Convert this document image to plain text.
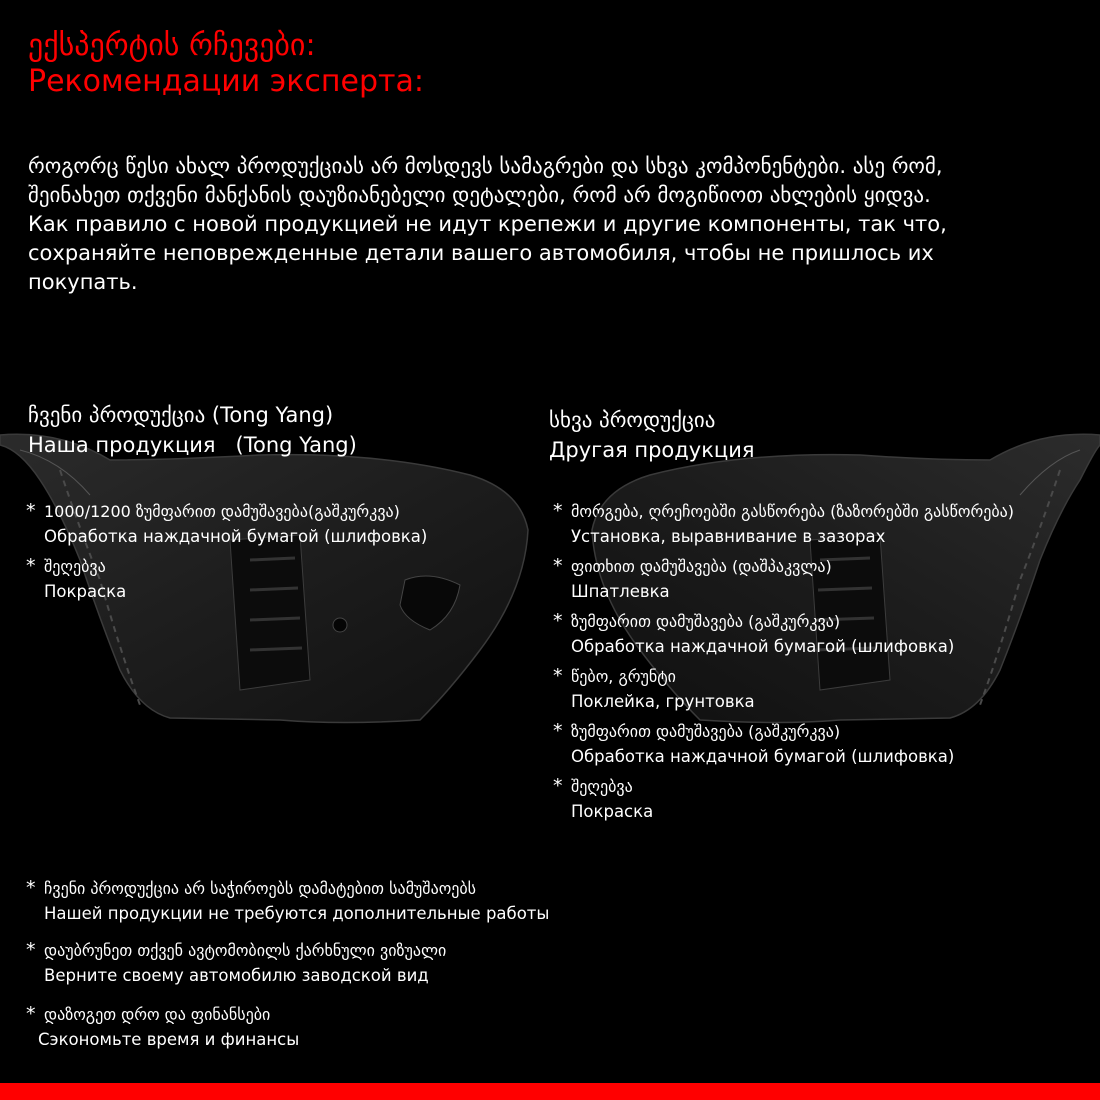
ექსპერტის რჩევები:
Рекомендации эксперта:
როგორც წესი ახალ პროდუქციას არ მოსდევს სამაგრები და სხვა კომპონენტები. ასე რომ, შეინახეთ თქვენი მანქანის დაუზიანებელი დეტალები, რომ არ მოგიწიოთ ახლების ყიდვა.
Как правило с новой продукцией не идут крепежи и другие компоненты, так что, сохраняйте неповрежденные детали вашего автомобиля, чтобы не пришлось их покупать.
ჩვენი პროდუქცია (Tong Yang)
Наша продукция   (Tong Yang)
* 1000/1200 ზუმფარით დამუშავება(გაშკურკვა)
Обработка наждачной бумагой (шлифовка)
* შეღებვა
Покраска
სხვა პროდუქცია
Другая продукция
* მორგება, ღრეჩოებში გასწორება (ზაზორებში გასწორება)
Установка, выравнивание в зазорах
* ფითხით დამუშავება (დაშპაკვლა)
Шпатлевка
* ზუმფარით დამუშავება (გაშკურკვა)
Обработка наждачной бумагой (шлифовка)
* წებო, გრუნტი
Поклейка, грунтовка
* ზუმფარით დამუშავება (გაშკურკვა)
Обработка наждачной бумагой (шлифовка)
* შეღებვა
Покраска
* ჩვენი პროდუქცია არ საჭიროებს დამატებით სამუშაოებს
Нашей продукции не требуются дополнительные работы
* დაუბრუნეთ თქვენ ავტომობილს ქარხნული ვიზუალი
Верните своему автомобилю заводской вид
* დაზოგეთ დრო და ფინანსები
Сэкономьте время и финансы
